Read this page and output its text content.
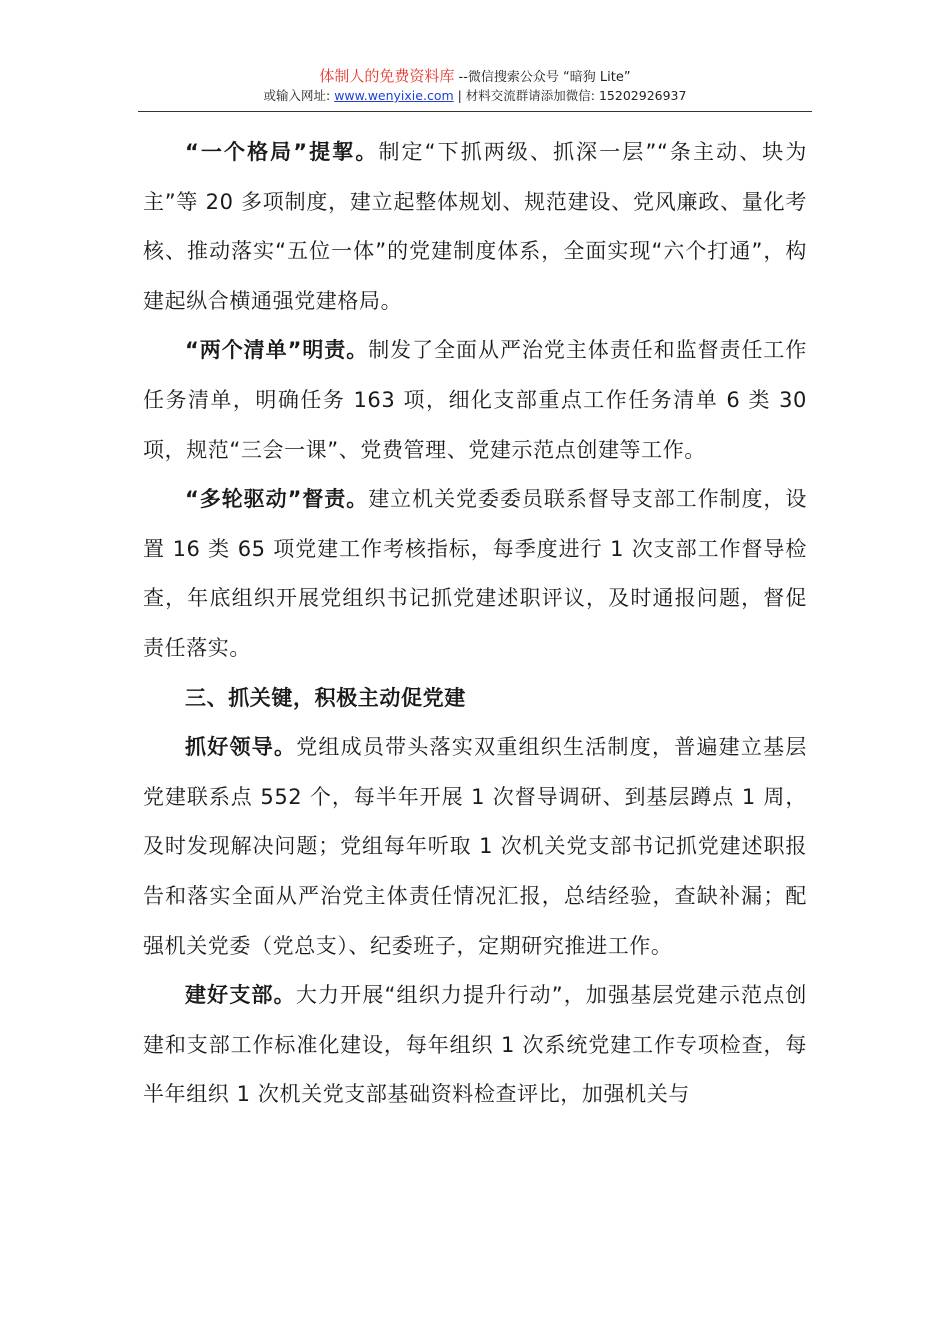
体制人的免费资料库 --微信搜索公众号 “暗狗 Lite”
或输入网址: www.wenyixie.com | 材料交流群请添加微信: 15202926937

“一个格局”提挈。制定“下抓两级、抓深一层”“条主动、块为主”等 20 多项制度，建立起整体规划、规范建设、党风廉政、量化考核、推动落实“五位一体”的党建制度体系，全面实现“六个打通”，构建起纵合横通强党建格局。

“两个清单”明责。制发了全面从严治党主体责任和监督责任工作任务清单，明确任务 163 项，细化支部重点工作任务清单 6 类 30 项，规范“三会一课”、党费管理、党建示范点创建等工作。

“多轮驱动”督责。建立机关党委委员联系督导支部工作制度，设置 16 类 65 项党建工作考核指标，每季度进行 1 次支部工作督导检查，年底组织开展党组织书记抓党建述职评议，及时通报问题，督促责任落实。

三、抓关键，积极主动促党建

抓好领导。党组成员带头落实双重组织生活制度，普遍建立基层党建联系点 552 个，每半年开展 1 次督导调研、到基层蹲点 1 周，及时发现解决问题；党组每年听取 1 次机关党支部书记抓党建述职报告和落实全面从严治党主体责任情况汇报，总结经验，查缺补漏；配强机关党委（党总支）、纪委班子，定期研究推进工作。

建好支部。大力开展“组织力提升行动”，加强基层党建示范点创建和支部工作标准化建设，每年组织 1 次系统党建工作专项检查，每半年组织 1 次机关党支部基础资料检查评比，加强机关与
